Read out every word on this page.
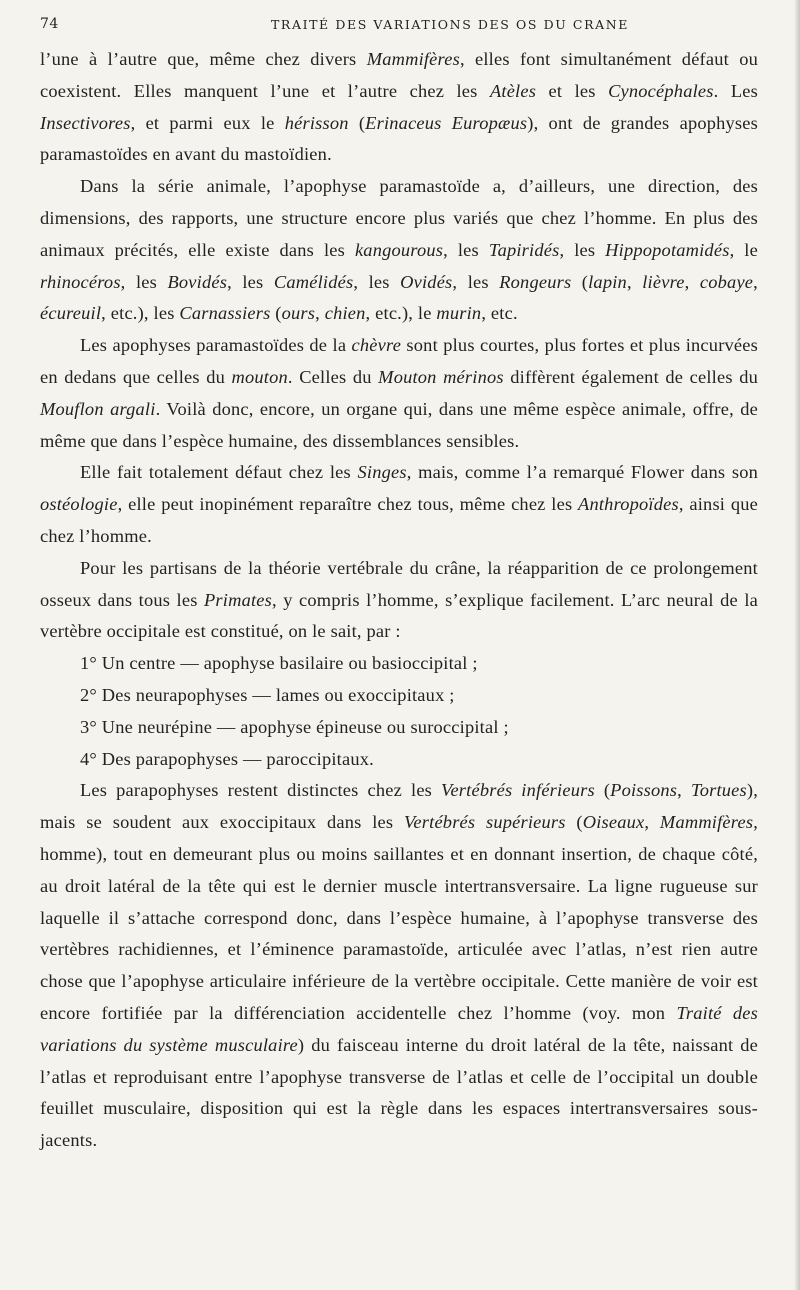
74	TRAITÉ DES VARIATIONS DES OS DU CRANE

l’une à l’autre que, même chez divers Mammifères, elles font simultanément défaut ou coexistent. Elles manquent l’une et l’autre chez les Atèles et les Cynocéphales. Les Insectivores, et parmi eux le hérisson (Erinaceus Europæus), ont de grandes apophyses paramastoïdes en avant du mastoïdien.

Dans la série animale, l’apophyse paramastoïde a, d’ailleurs, une direction, des dimensions, des rapports, une structure encore plus variés que chez l’homme. En plus des animaux précités, elle existe dans les kangourous, les Tapiridés, les Hippopotamidés, le rhinocéros, les Bovidés, les Camélidés, les Ovidés, les Rongeurs (lapin, lièvre, cobaye, écureuil, etc.), les Carnassiers (ours, chien, etc.), le murin, etc.

Les apophyses paramastoïdes de la chèvre sont plus courtes, plus fortes et plus incurvées en dedans que celles du mouton. Celles du Mouton mérinos diffèrent également de celles du Mouflon argali. Voilà donc, encore, un organe qui, dans une même espèce animale, offre, de même que dans l’espèce humaine, des dissemblances sensibles.

Elle fait totalement défaut chez les Singes, mais, comme l’a remarqué Flower dans son ostéologie, elle peut inopinément reparaître chez tous, même chez les Anthropoïdes, ainsi que chez l’homme.

Pour les partisans de la théorie vertébrale du crâne, la réapparition de ce prolongement osseux dans tous les Primates, y compris l’homme, s’explique facilement. L’arc neural de la vertèbre occipitale est constitué, on le sait, par :

1° Un centre — apophyse basilaire ou basioccipital ;

2° Des neurapophyses — lames ou exoccipitaux ;

3° Une neurépine — apophyse épineuse ou suroccipital ;

4° Des parapophyses — paroccipitaux.

Les parapophyses restent distinctes chez les Vertébrés inférieurs (Poissons, Tortues), mais se soudent aux exoccipitaux dans les Vertébrés supérieurs (Oiseaux, Mammifères, homme), tout en demeurant plus ou moins saillantes et en donnant insertion, de chaque côté, au droit latéral de la tête qui est le dernier muscle intertransversaire. La ligne rugueuse sur laquelle il s’attache correspond donc, dans l’espèce humaine, à l’apophyse transverse des vertèbres rachidiennes, et l’éminence paramastoïde, articulée avec l’atlas, n’est rien autre chose que l’apophyse articulaire inférieure de la vertèbre occipitale. Cette manière de voir est encore fortifiée par la différenciation accidentelle chez l’homme (voy. mon Traité des variations du système musculaire) du faisceau interne du droit latéral de la tête, naissant de l’atlas et reproduisant entre l’apophyse transverse de l’atlas et celle de l’occipital un double feuillet musculaire, disposition qui est la règle dans les espaces intertransversaires sous-jacents.
